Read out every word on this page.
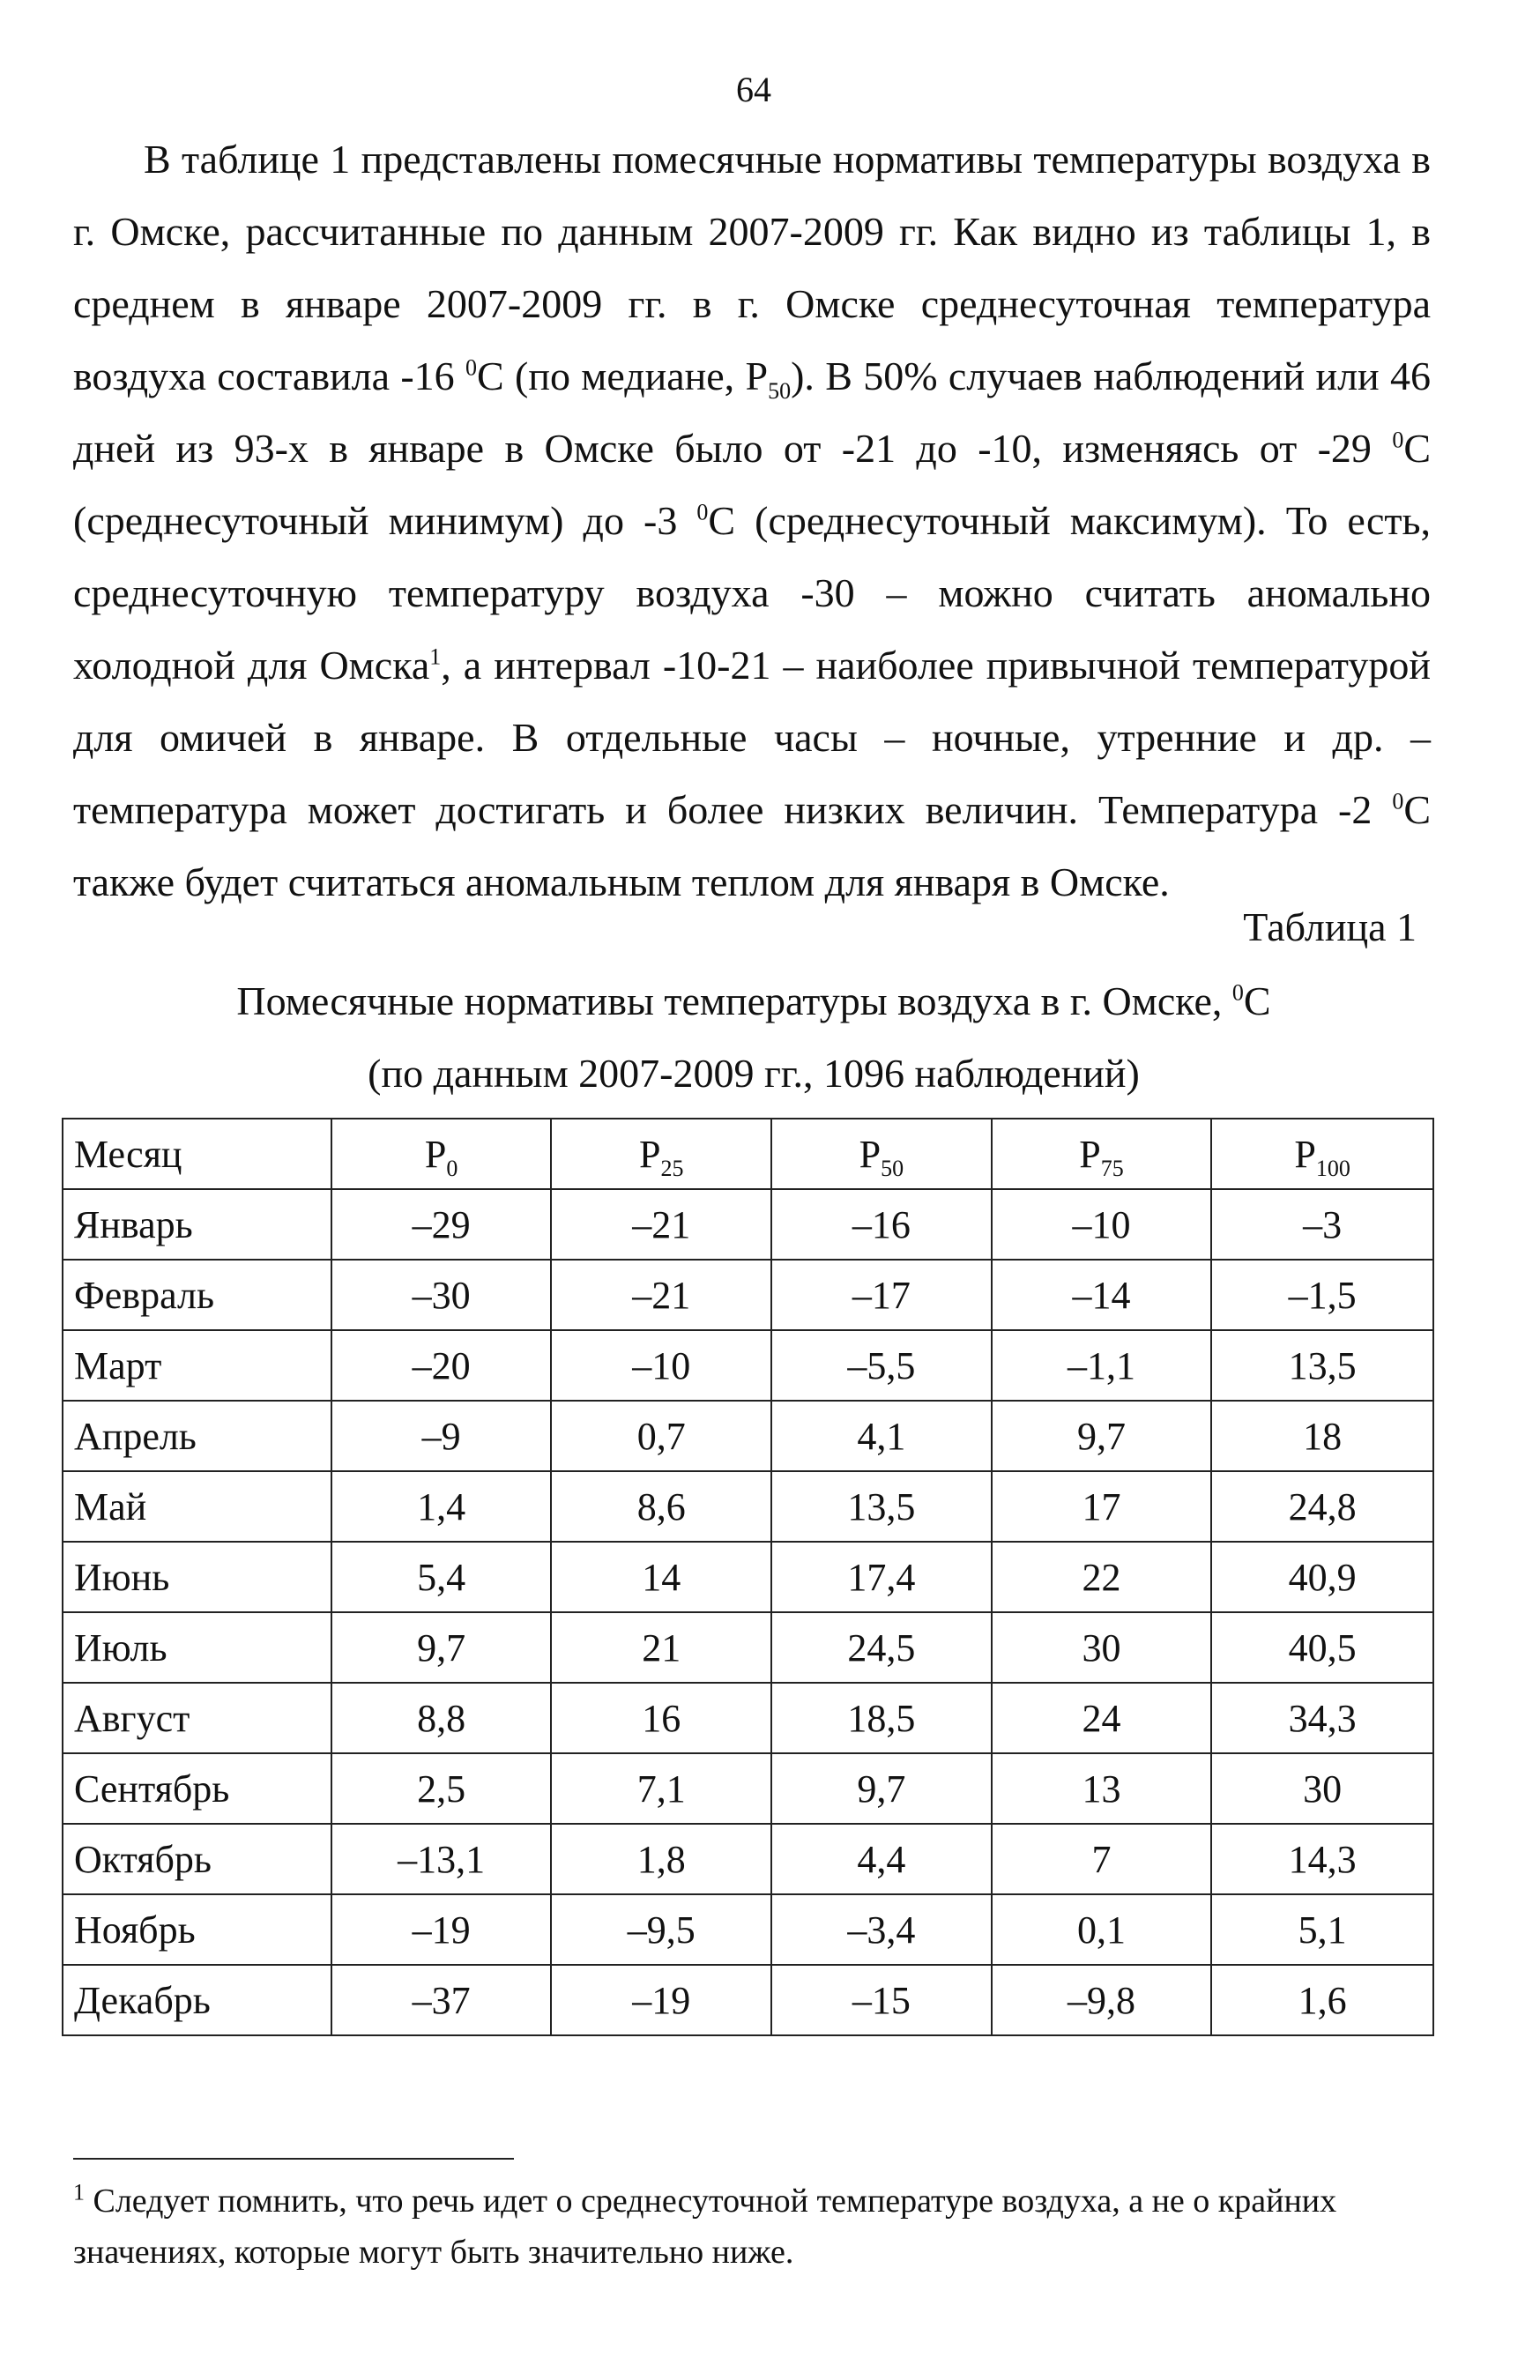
64

В таблице 1 представлены помесячные нормативы температуры воздуха в г. Омске, рассчитанные по данным 2007-2009 гг. Как видно из таблицы 1, в среднем в январе 2007-2009 гг. в г. Омске среднесуточная температура воздуха составила -16 $^0$С (по медиане, $Р_{50}$). В 50% случаев наблюдений или 46 дней из 93-х в январе в Омске было от -21 до -10, изменяясь от -29 $^0$С (среднесуточный минимум) до -3 $^0$С (среднесуточный максимум). То есть, среднесуточную температуру воздуха -30 – можно считать аномально холодной для Омска$^1$, а интервал -10-21 – наиболее привычной температурой для омичей в январе. В отдельные часы – ночные, утренние и др. – температура может достигать и более низких величин. Температура -2 $^0$С также будет считаться аномальным теплом для января в Омске.

Таблица 1
Помесячные нормативы температуры воздуха в г. Омске, $^0$С
(по данным 2007-2009 гг., 1096 наблюдений)
Месяц	$Р_0$	$Р_{25}$	$Р_{50}$	$Р_{75}$	$Р_{100}$
Январь	–29	–21	–16	–10	–3
Февраль	–30	–21	–17	–14	–1,5
Март	–20	–10	–5,5	–1,1	13,5
Апрель	–9	0,7	4,1	9,7	18
Май	1,4	8,6	13,5	17	24,8
Июнь	5,4	14	17,4	22	40,9
Июль	9,7	21	24,5	30	40,5
Август	8,8	16	18,5	24	34,3
Сентябрь	2,5	7,1	9,7	13	30
Октябрь	–13,1	1,8	4,4	7	14,3
Ноябрь	–19	–9,5	–3,4	0,1	5,1
Декабрь	–37	–19	–15	–9,8	1,6
$^1$ Следует помнить, что речь идет о среднесуточной температуре воздуха, а не о крайних значениях, которые могут быть значительно ниже.
